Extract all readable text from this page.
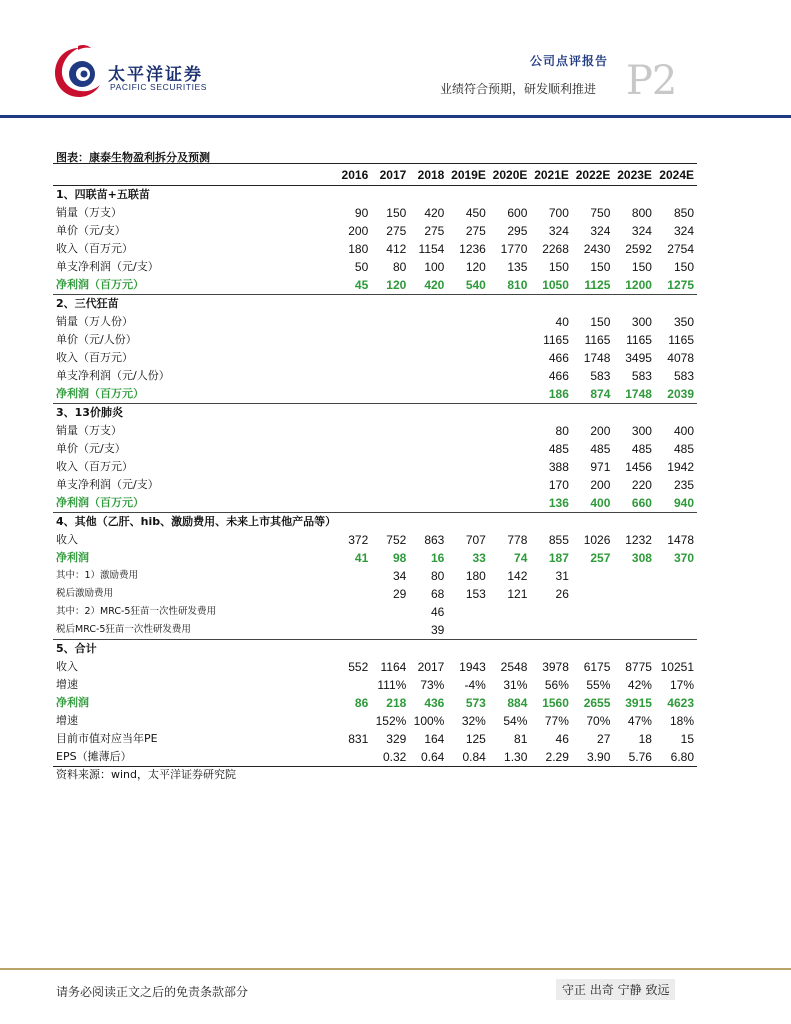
太平洋证券
PACIFIC SECURITIES
公司点评报告
业绩符合预期，研发顺利推进 P2
图表：康泰生物盈利拆分及预测
	2016	2017	2018	2019E	2020E	2021E	2022E	2023E	2024E
1、四联苗+五联苗									
销量（万支）	90	150	420	450	600	700	750	800	850
单价（元/支）	200	275	275	275	295	324	324	324	324
收入（百万元）	180	412	1154	1236	1770	2268	2430	2592	2754
单支净利润（元/支）	50	80	100	120	135	150	150	150	150
净利润（百万元）	45	120	420	540	810	1050	1125	1200	1275
2、三代狂苗									
销量（万人份）						40	150	300	350
单价（元/人份）						1165	1165	1165	1165
收入（百万元）						466	1748	3495	4078
单支净利润（元/人份）						466	583	583	583
净利润（百万元）						186	874	1748	2039
3、13价肺炎									
销量（万支）						80	200	300	400
单价（元/支）						485	485	485	485
收入（百万元）						388	971	1456	1942
单支净利润（元/支）						170	200	220	235
净利润（百万元）						136	400	660	940
4、其他（乙肝、hib、激励费用、未来上市其他产品等）									
收入	372	752	863	707	778	855	1026	1232	1478
净利润	41	98	16	33	74	187	257	308	370
其中：1）激励费用		34	80	180	142	31			
税后激励费用		29	68	153	121	26			
其中：2）MRC-5狂苗一次性研发费用			46						
税后MRC-5狂苗一次性研发费用			39						
5、合计									
收入	552	1164	2017	1943	2548	3978	6175	8775	10251
增速		111%	73%	-4%	31%	56%	55%	42%	17%
净利润	86	218	436	573	884	1560	2655	3915	4623
增速		152%	100%	32%	54%	77%	70%	47%	18%
目前市值对应当年PE	831	329	164	125	81	46	27	18	15
EPS（摊薄后）		0.32	0.64	0.84	1.30	2.29	3.90	5.76	6.80
资料来源：wind，太平洋证券研究院
请务必阅读正文之后的免责条款部分	守正 出奇 宁静 致远
